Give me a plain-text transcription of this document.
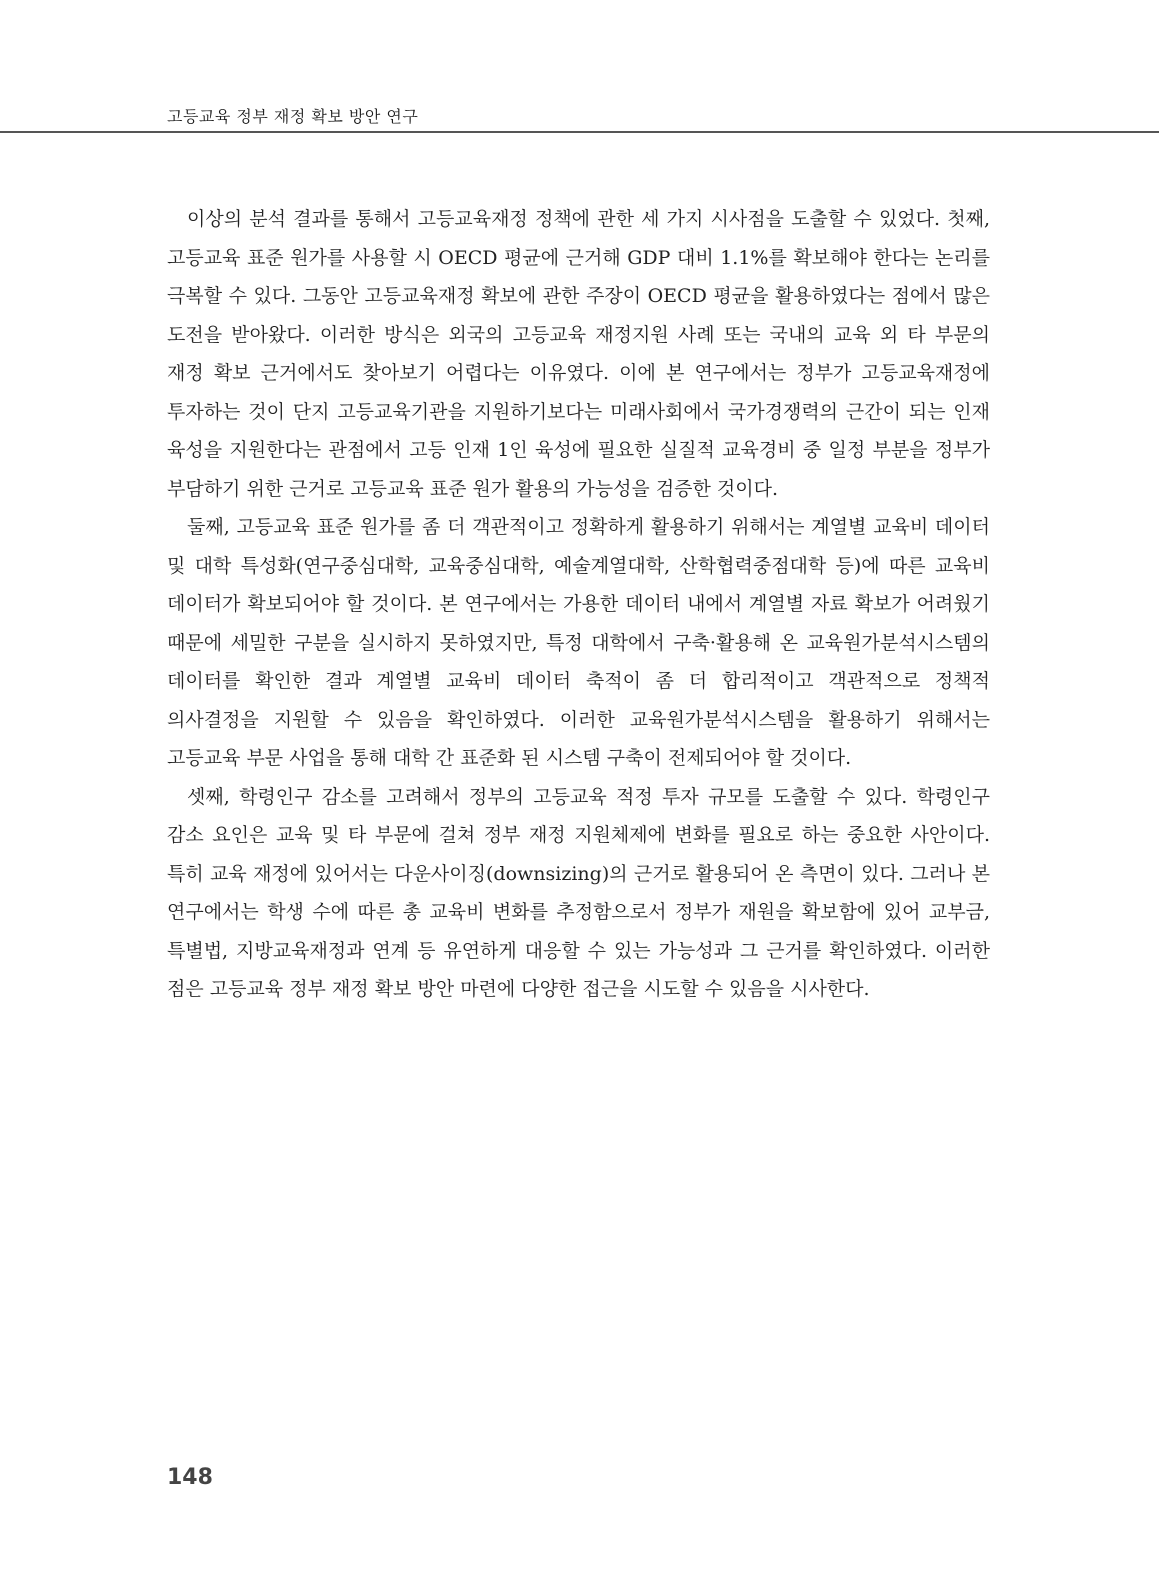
고등교육 정부 재정 확보 방안 연구

이상의 분석 결과를 통해서 고등교육재정 정책에 관한 세 가지 시사점을 도출할 수 있었다. 첫째, 고등교육 표준 원가를 사용할 시 OECD 평균에 근거해 GDP 대비 1.1%를 확보해야 한다는 논리를 극복할 수 있다. 그동안 고등교육재정 확보에 관한 주장이 OECD 평균을 활용하였다는 점에서 많은 도전을 받아왔다. 이러한 방식은 외국의 고등교육 재정지원 사례 또는 국내의 교육 외 타 부문의 재정 확보 근거에서도 찾아보기 어렵다는 이유였다. 이에 본 연구에서는 정부가 고등교육재정에 투자하는 것이 단지 고등교육기관을 지원하기보다는 미래사회에서 국가경쟁력의 근간이 되는 인재 육성을 지원한다는 관점에서 고등 인재 1인 육성에 필요한 실질적 교육경비 중 일정 부분을 정부가 부담하기 위한 근거로 고등교육 표준 원가 활용의 가능성을 검증한 것이다.

둘째, 고등교육 표준 원가를 좀 더 객관적이고 정확하게 활용하기 위해서는 계열별 교육비 데이터 및 대학 특성화(연구중심대학, 교육중심대학, 예술계열대학, 산학협력중점대학 등)에 따른 교육비 데이터가 확보되어야 할 것이다. 본 연구에서는 가용한 데이터 내에서 계열별 자료 확보가 어려웠기 때문에 세밀한 구분을 실시하지 못하였지만, 특정 대학에서 구축·활용해 온 교육원가분석시스템의 데이터를 확인한 결과 계열별 교육비 데이터 축적이 좀 더 합리적이고 객관적으로 정책적 의사결정을 지원할 수 있음을 확인하였다. 이러한 교육원가분석시스템을 활용하기 위해서는 고등교육 부문 사업을 통해 대학 간 표준화 된 시스템 구축이 전제되어야 할 것이다.

셋째, 학령인구 감소를 고려해서 정부의 고등교육 적정 투자 규모를 도출할 수 있다. 학령인구 감소 요인은 교육 및 타 부문에 걸쳐 정부 재정 지원체제에 변화를 필요로 하는 중요한 사안이다. 특히 교육 재정에 있어서는 다운사이징(downsizing)의 근거로 활용되어 온 측면이 있다. 그러나 본 연구에서는 학생 수에 따른 총 교육비 변화를 추정함으로서 정부가 재원을 확보함에 있어 교부금, 특별법, 지방교육재정과 연계 등 유연하게 대응할 수 있는 가능성과 그 근거를 확인하였다. 이러한 점은 고등교육 정부 재정 확보 방안 마련에 다양한 접근을 시도할 수 있음을 시사한다.

148
